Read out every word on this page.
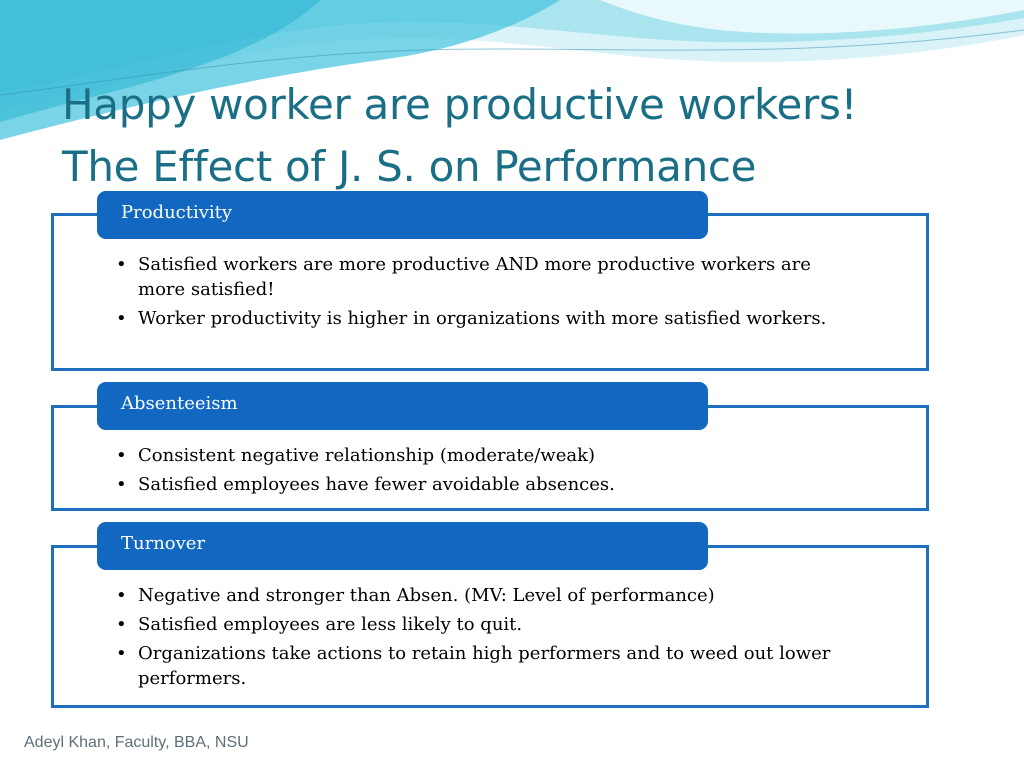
Happy worker are productive workers!
The Effect of J. S. on Performance
Productivity
• Satisfied workers are more productive AND more productive workers are more satisfied!
• Worker productivity is higher in organizations with more satisfied workers.
Absenteeism
• Consistent negative relationship (moderate/weak)
• Satisfied employees have fewer avoidable absences.
Turnover
• Negative and stronger than Absen. (MV: Level of performance)
• Satisfied employees are less likely to quit.
• Organizations take actions to retain high performers and to weed out lower performers.
Adeyl Khan, Faculty, BBA, NSU
